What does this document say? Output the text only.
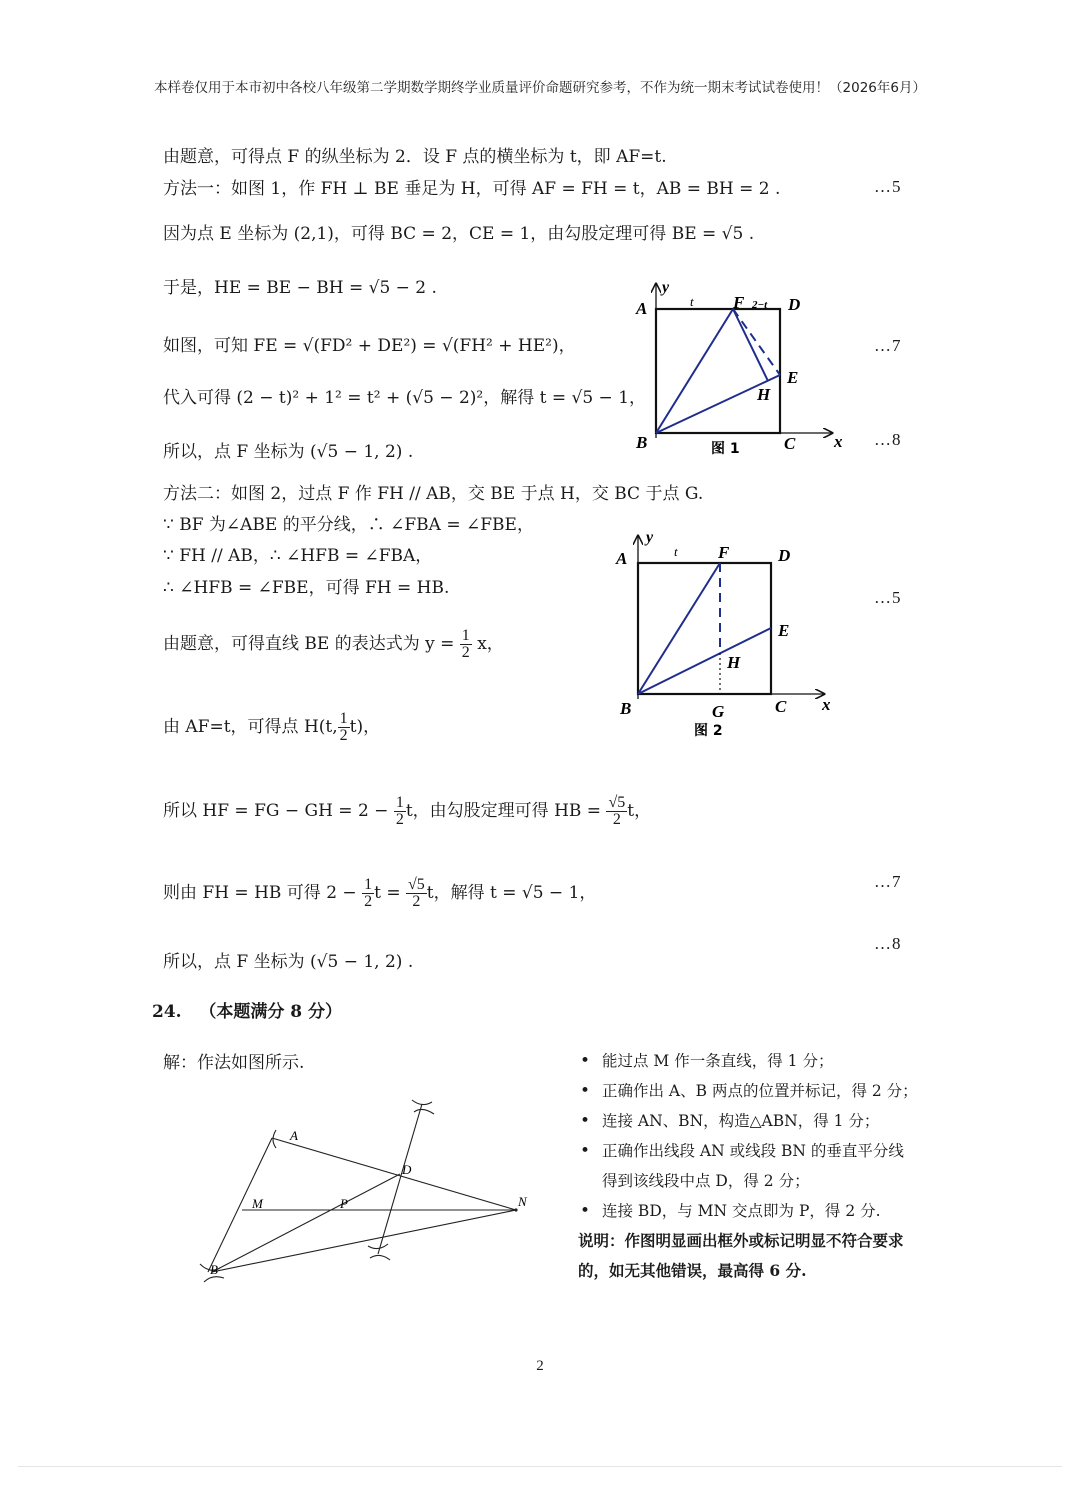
本样卷仅用于本市初中各校八年级第二学期数学期终学业质量评价命题研究参考，不作为统一期末考试试卷使用！（2026年6月）
由题意，可得点 F 的纵坐标为 2．设 F 点的横坐标为 t，即 AF=t.
方法一：如图 1，作 FH ⊥ BE 垂足为 H，可得 AF = FH = t，AB = BH = 2 .	…5
因为点 E 坐标为 (2,1)，可得 BC = 2，CE = 1，由勾股定理可得 BE = √5 .
于是，HE = BE − BH = √5 − 2 .
如图，可知 FE = √(FD² + DE²) = √(FH² + HE²)，	…7
代入可得 (2 − t)² + 1² = t² + (√5 − 2)²，解得 t = √5 − 1，
所以，点 F 坐标为 (√5 − 1, 2) .
…8
A	D
F 2−t
t
E
H
B	C x
y
图 1
方法二：如图 2，过点 F 作 FH // AB，交 BE 于点 H，交 BC 于点 G.
∵ BF 为∠ABE 的平分线，∴ ∠FBA = ∠FBE，
∵ FH // AB，∴ ∠HFB = ∠FBA，
∴ ∠HFB = ∠FBE，可得 FH = HB.	…5
由题意，可得直线 BE 的表达式为 $y = \frac{1}{2}$ x，
由 AF=t，可得点 H(t, $\frac{1}{2} t$)，
A	D
F
t
E
H
B	G	C x
y
图 2
所以 HF = FG − GH = $2 - \frac{1}{2}$ t，由勾股定理可得 HB = $\frac{√5}{2}$ t，
则由 FH = HB 可得 $2 - \frac{1}{2}$ $t = \frac{√5}{2}$ t，解得 t = √5 − 1，
…7
所以，点 F 坐标为 (√5 − 1, 2) .
…8
24. （本题满分 8 分）
解：作法如图所示.
A
B
D
M	N
P
• 能过点 M 作一条直线，得 1 分；
• 正确作出 A、B 两点的位置并标记，得 2 分；
• 连接 AN、BN，构造△ABN，得 1 分；
• 正确作出线段 AN 或线段 BN 的垂直平分线得到该线段中点 D，得 2 分；
• 连接 BD，与 MN 交点即为 P，得 2 分.
说明：作图明显画出框外或标记明显不符合要求的，如无其他错误，最高得 6 分.
2
